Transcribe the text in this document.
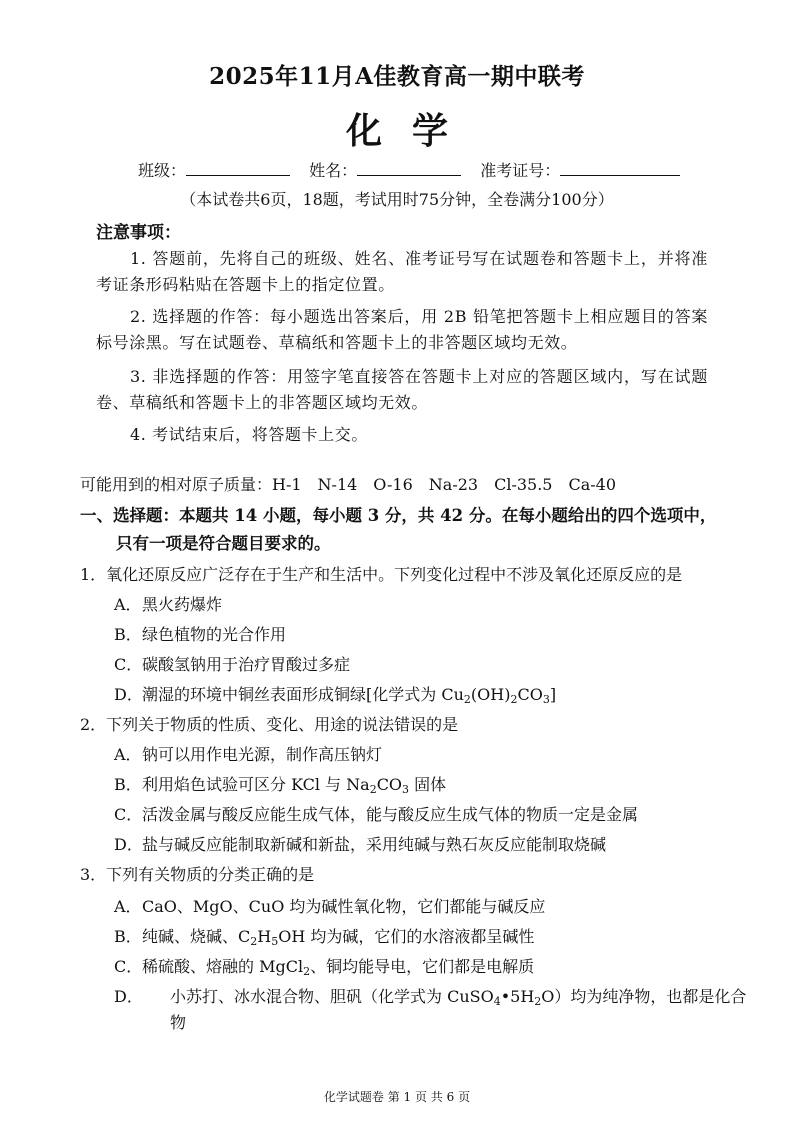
2025年11月A佳教育高一期中联考
化学
班级：	姓名：	准考证号：
（本试卷共6页，18题，考试用时75分钟，全卷满分100分）
注意事项：
1. 答题前，先将自己的班级、姓名、准考证号写在试题卷和答题卡上，并将准考证条形码粘贴在答题卡上的指定位置。
2. 选择题的作答：每小题选出答案后，用 2B 铅笔把答题卡上相应题目的答案标号涂黑。写在试题卷、草稿纸和答题卡上的非答题区域均无效。
3. 非选择题的作答：用签字笔直接答在答题卡上对应的答题区域内，写在试题卷、草稿纸和答题卡上的非答题区域均无效。
4. 考试结束后，将答题卡上交。
可能用到的相对原子质量：H-1　N-14　O-16　Na-23　Cl-35.5　Ca-40
一、选择题：本题共 14 小题，每小题 3 分，共 42 分。在每小题给出的四个选项中，
只有一项是符合题目要求的。
1．氧化还原反应广泛存在于生产和生活中。下列变化过程中不涉及氧化还原反应的是
A．黑火药爆炸
B．绿色植物的光合作用
C．碳酸氢钠用于治疗胃酸过多症
D．潮湿的环境中铜丝表面形成铜绿[化学式为 $Cu_2(OH)_2CO_3$]
2．下列关于物质的性质、变化、用途的说法错误的是
A．钠可以用作电光源，制作高压钠灯
B．利用焰色试验可区分 KCl 与 $Na_2CO_3$ 固体
C．活泼金属与酸反应能生成气体，能与酸反应生成气体的物质一定是金属
D．盐与碱反应能制取新碱和新盐，采用纯碱与熟石灰反应能制取烧碱
3．下列有关物质的分类正确的是
A．CaO、MgO、CuO 均为碱性氧化物，它们都能与碱反应
B．纯碱、烧碱、$C_2H_5OH$ 均为碱，它们的水溶液都呈碱性
C．稀硫酸、熔融的 MgCl$_2$、铜均能导电，它们都是电解质
D． 小苏打、冰水混合物、胆矾（化学式为 $CuSO_4•5H_2O$）均为纯净物，也都是化合物
化学试题卷 第 1 页 共 6 页
